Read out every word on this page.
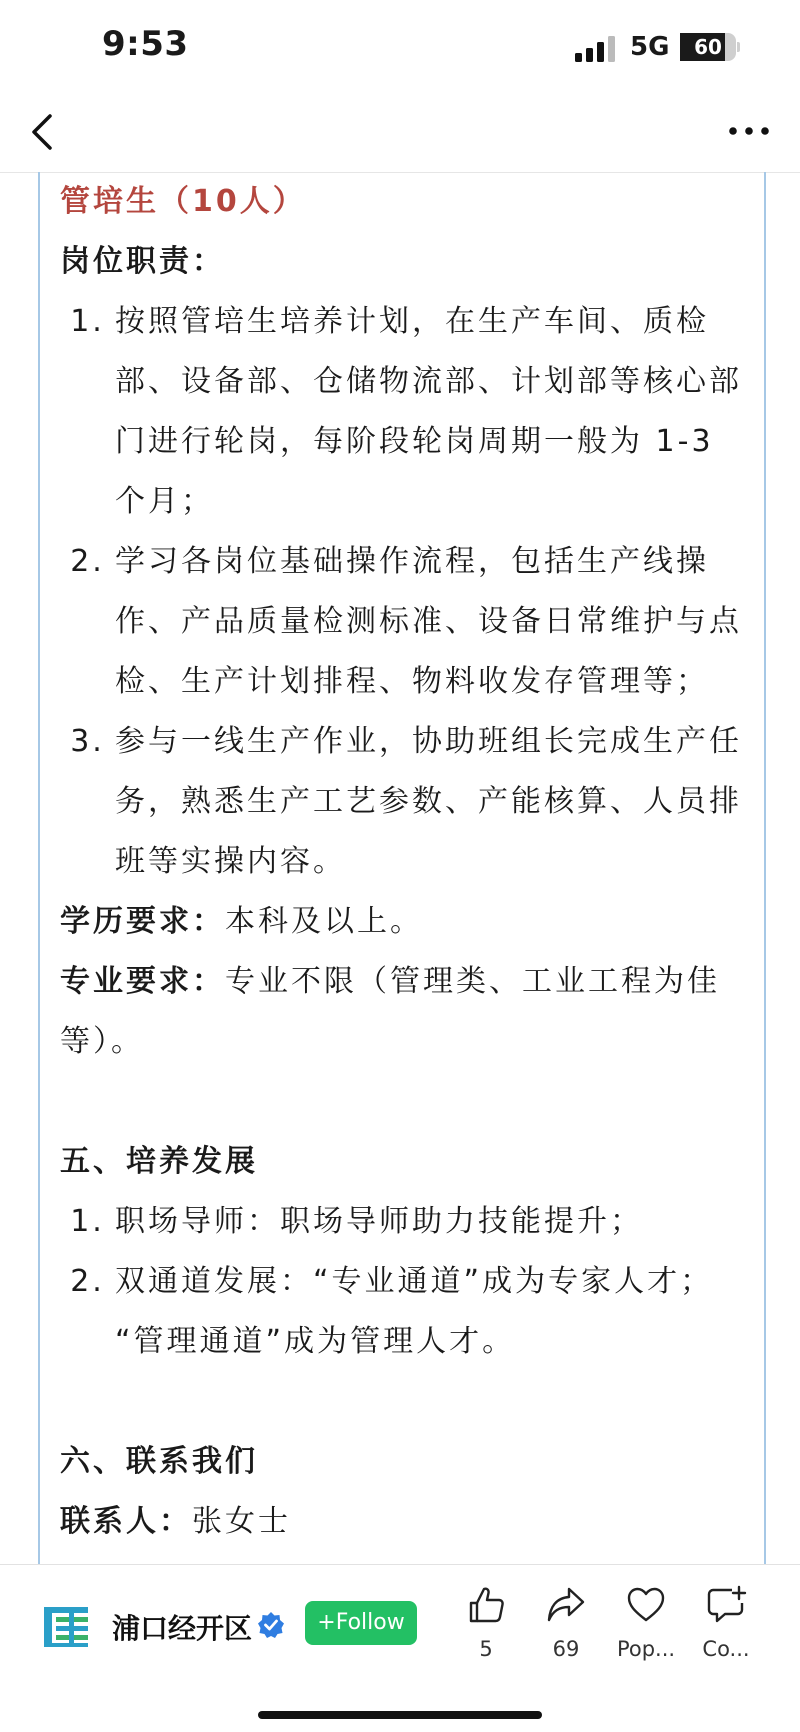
9:53	5G	60
管培生（10人）
岗位职责：
1. 按照管培生培养计划，在生产车间、质检
部、设备部、仓储物流部、计划部等核心部
门进行轮岗，每阶段轮岗周期一般为 1-3
个月；
2. 学习各岗位基础操作流程，包括生产线操
作、产品质量检测标准、设备日常维护与点
检、生产计划排程、物料收发存管理等；
3. 参与一线生产作业，协助班组长完成生产任
务，熟悉生产工艺参数、产能核算、人员排
班等实操内容。
学历要求：本科及以上。
专业要求：专业不限（管理类、工业工程为佳
等）。
五、培养发展
1. 职场导师：职场导师助力技能提升；
2. 双通道发展：“专业通道”成为专家人才；
“管理通道”成为管理人才。
六、联系我们
联系人：张女士
浦口经开区	+Follow
5	69	Pop...	Co...
